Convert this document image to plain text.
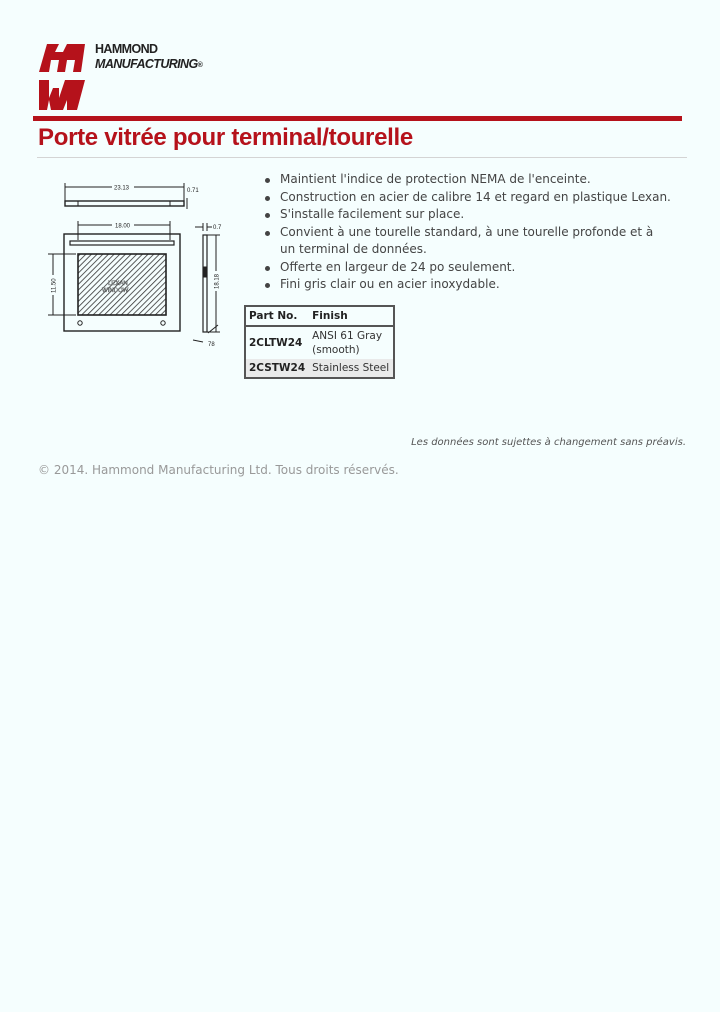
HAMMOND
MANUFACTURING®
Porte vitrée pour terminal/tourelle
23.13	0.71
18.00	0.7
11.50	18.18
78
LEXAN
WINDOW
Maintient l'indice de protection NEMA de l'enceinte.
Construction en acier de calibre 14 et regard en plastique Lexan.
S'installe facilement sur place.
Convient à une tourelle standard, à une tourelle profonde et à un terminal de données.
Offerte en largeur de 24 po seulement.
Fini gris clair ou en acier inoxydable.
Part No.	Finish
2CLTW24	ANSI 61 Gray (smooth)
2CSTW24	Stainless Steel
Les données sont sujettes à changement sans préavis.
© 2014. Hammond Manufacturing Ltd. Tous droits réservés.
